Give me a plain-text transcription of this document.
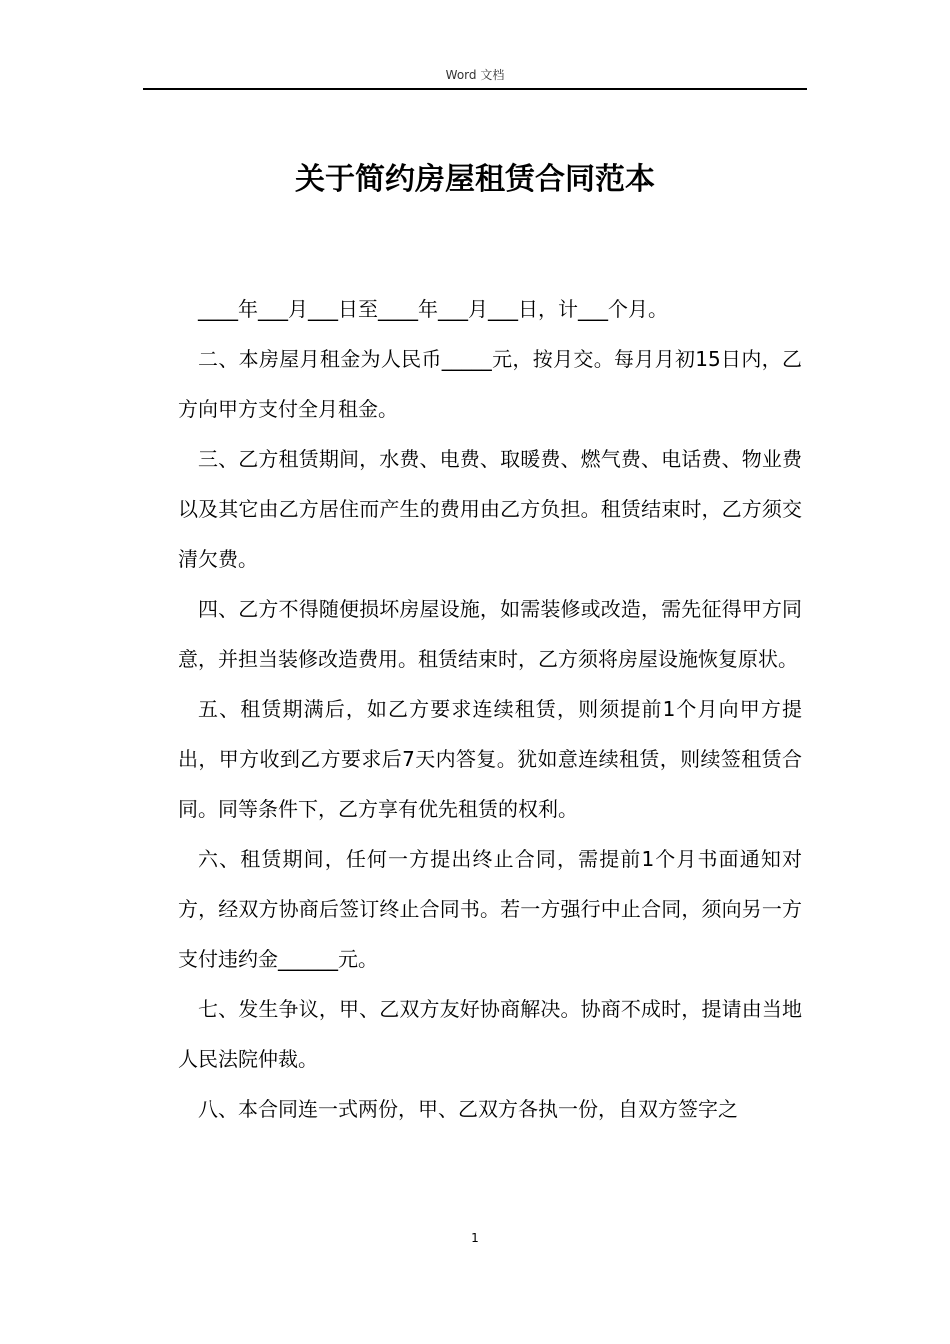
Word 文档
关于简约房屋租赁合同范本

____年___月___日至____年___月___日，计___个月。

二、本房屋月租金为人民币_____元，按月交。每月月初15日内，乙方向甲方支付全月租金。

三、乙方租赁期间，水费、电费、取暖费、燃气费、电话费、物业费以及其它由乙方居住而产生的费用由乙方负担。租赁结束时，乙方须交清欠费。

四、乙方不得随便损坏房屋设施，如需装修或改造，需先征得甲方同意，并担当装修改造费用。租赁结束时，乙方须将房屋设施恢复原状。

五、租赁期满后，如乙方要求连续租赁，则须提前1个月向甲方提出，甲方收到乙方要求后7天内答复。犹如意连续租赁，则续签租赁合同。同等条件下，乙方享有优先租赁的权利。

六、租赁期间，任何一方提出终止合同，需提前1个月书面通知对方，经双方协商后签订终止合同书。若一方强行中止合同，须向另一方支付违约金______元。

七、发生争议，甲、乙双方友好协商解决。协商不成时，提请由当地人民法院仲裁。

八、本合同连一式两份，甲、乙双方各执一份，自双方签字之

1
